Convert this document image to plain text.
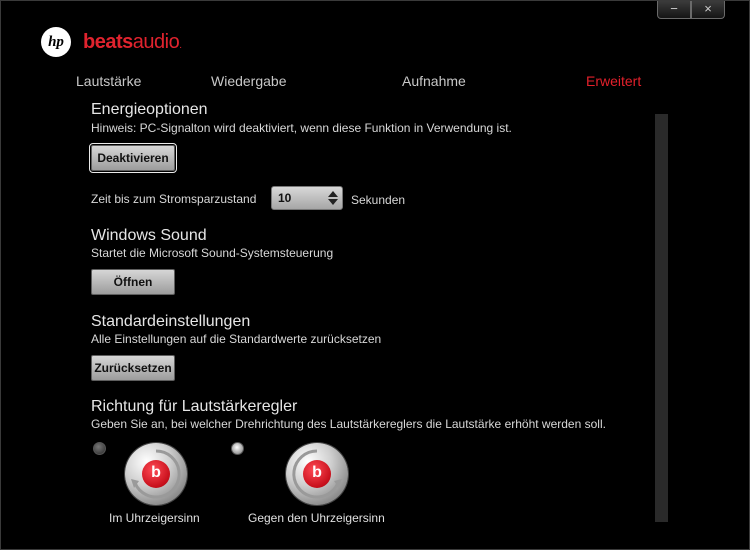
−	×
hp beatsaudio.
Lautstärke	Wiedergabe	Aufnahme	Erweitert
Energieoptionen
Hinweis: PC-Signalton wird deaktiviert, wenn diese Funktion in Verwendung ist.
Deaktivieren
Zeit bis zum Stromsparzustand 10	Sekunden
Windows Sound
Startet die Microsoft Sound-Systemsteuerung
Öffnen
Standardeinstellungen
Alle Einstellungen auf die Standardwerte zurücksetzen
Zurücksetzen
Richtung für Lautstärkeregler
Geben Sie an, bei welcher Drehrichtung des Lautstärkereglers die Lautstärke erhöht werden soll.
b
Im Uhrzeigersinn
b
Gegen den Uhrzeigersinn
